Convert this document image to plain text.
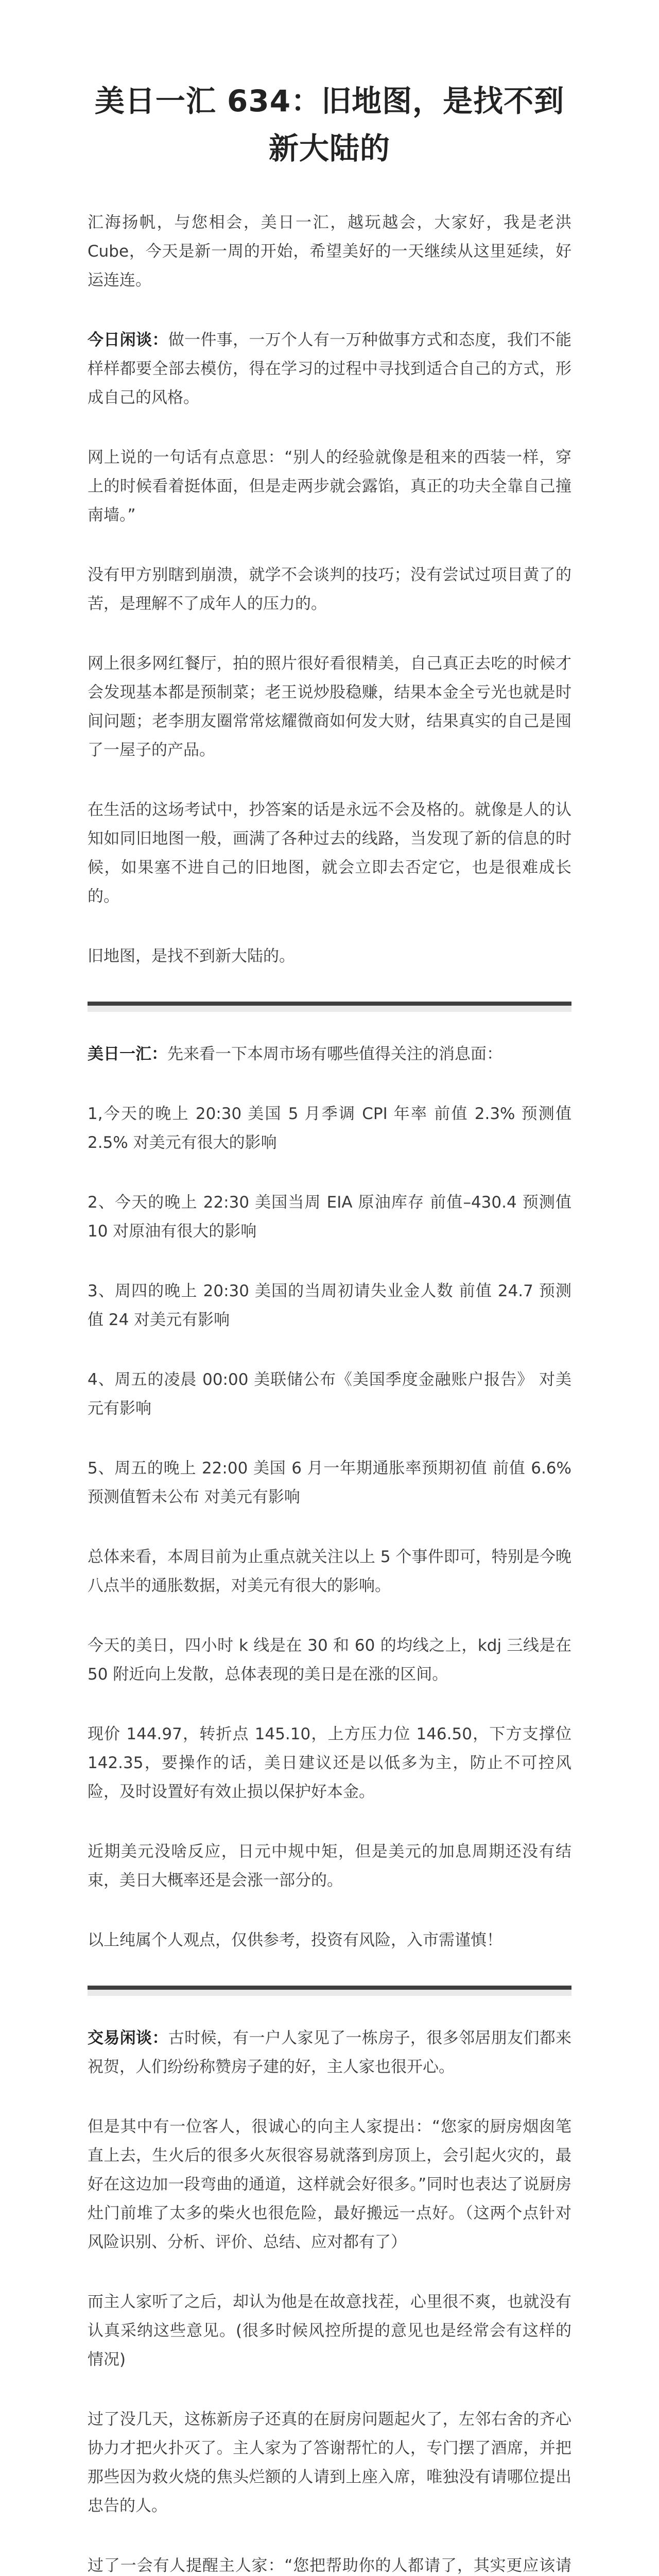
美日一汇 634：旧地图，是找不到新大陆的

汇海扬帆，与您相会，美日一汇，越玩越会，大家好，我是老洪 Cube，今天是新一周的开始，希望美好的一天继续从这里延续，好运连连。

今日闲谈：做一件事，一万个人有一万种做事方式和态度，我们不能样样都要全部去模仿，得在学习的过程中寻找到适合自己的方式，形成自己的风格。

网上说的一句话有点意思：“别人的经验就像是租来的西装一样，穿上的时候看着挺体面，但是走两步就会露馅，真正的功夫全靠自己撞南墙。”

没有甲方别瞎到崩溃，就学不会谈判的技巧；没有尝试过项目黄了的苦，是理解不了成年人的压力的。

网上很多网红餐厅，拍的照片很好看很精美，自己真正去吃的时候才会发现基本都是预制菜；老王说炒股稳赚，结果本金全亏光也就是时间问题；老李朋友圈常常炫耀微商如何发大财，结果真实的自己是囤了一屋子的产品。

在生活的这场考试中，抄答案的话是永远不会及格的。就像是人的认知如同旧地图一般，画满了各种过去的线路，当发现了新的信息的时候，如果塞不进自己的旧地图，就会立即去否定它，也是很难成长的。

旧地图，是找不到新大陆的。

美日一汇：先来看一下本周市场有哪些值得关注的消息面：

1,今天的晚上 20:30 美国 5 月季调 CPI 年率 前值 2.3% 预测值 2.5% 对美元有很大的影响

2、今天的晚上 22:30 美国当周 EIA 原油库存 前值–430.4 预测值 10 对原油有很大的影响

3、周四的晚上 20:30 美国的当周初请失业金人数 前值 24.7 预测值 24 对美元有影响

4、周五的凌晨 00:00 美联储公布《美国季度金融账户报告》 对美元有影响

5、周五的晚上 22:00 美国 6 月一年期通胀率预期初值 前值 6.6% 预测值暂未公布 对美元有影响

总体来看，本周目前为止重点就关注以上 5 个事件即可，特别是今晚八点半的通胀数据，对美元有很大的影响。

今天的美日，四小时 k 线是在 30 和 60 的均线之上，kdj 三线是在 50 附近向上发散，总体表现的美日是在涨的区间。

现价 144.97，转折点 145.10，上方压力位 146.50，下方支撑位 142.35，要操作的话，美日建议还是以低多为主，防止不可控风险，及时设置好有效止损以保护好本金。

近期美元没啥反应，日元中规中矩，但是美元的加息周期还没有结束，美日大概率还是会涨一部分的。

以上纯属个人观点，仅供参考，投资有风险，入市需谨慎！

交易闲谈：古时候，有一户人家见了一栋房子，很多邻居朋友们都来祝贺，人们纷纷称赞房子建的好，主人家也很开心。

但是其中有一位客人，很诚心的向主人家提出：“您家的厨房烟囱笔直上去，生火后的很多火灰很容易就落到房顶上，会引起火灾的，最好在这边加一段弯曲的通道，这样就会好很多。”同时也表达了说厨房灶门前堆了太多的柴火也很危险，最好搬远一点好。（这两个点针对风险识别、分析、评价、总结、应对都有了）

而主人家听了之后，却认为他是在故意找茬，心里很不爽，也就没有认真采纳这些意见。(很多时候风控所提的意见也是经常会有这样的情况)

过了没几天，这栋新房子还真的在厨房问题起火了，左邻右舍的齐心协力才把火扑灭了。主人家为了答谢帮忙的人，专门摆了酒席，并把那些因为救火烧的焦头烂额的人请到上座入席，唯独没有请哪位提出忠告的人。

过了一会有人提醒主人家：“您把帮助你的人都请了，其实更应该请
